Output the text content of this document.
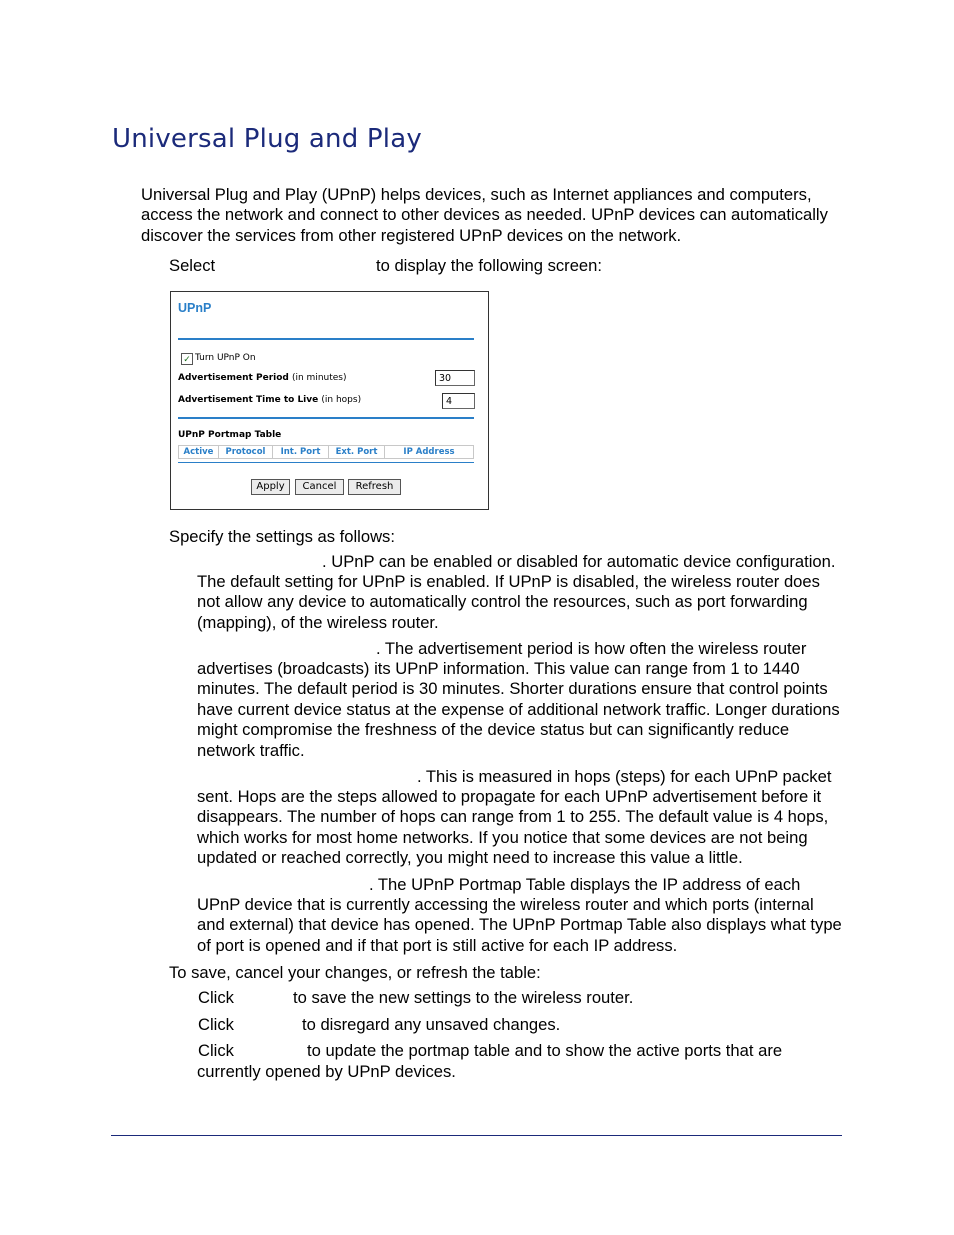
Universal Plug and Play
Universal Plug and Play (UPnP) helps devices, such as Internet appliances and computers, access the network and connect to other devices as needed. UPnP devices can automatically discover the services from other registered UPnP devices on the network.
Select	to display the following screen:
UPnP
✓ Turn UPnP On
Advertisement Period (in minutes)	30
Advertisement Time to Live (in hops)	4
UPnP Portmap Table
Active	Protocol	Int. Port	Ext. Port	IP Address
Apply	Cancel	Refresh
Specify the settings as follows:
. UPnP can be enabled or disabled for automatic device configuration.
The default setting for UPnP is enabled. If UPnP is disabled, the wireless router does not allow any device to automatically control the resources, such as port forwarding (mapping), of the wireless router.
. The advertisement period is how often the wireless router
advertises (broadcasts) its UPnP information. This value can range from 1 to 1440 minutes. The default period is 30 minutes. Shorter durations ensure that control points have current device status at the expense of additional network traffic. Longer durations might compromise the freshness of the device status but can significantly reduce network traffic.
. This is measured in hops (steps) for each UPnP packet
sent. Hops are the steps allowed to propagate for each UPnP advertisement before it disappears. The number of hops can range from 1 to 255. The default value is 4 hops, which works for most home networks. If you notice that some devices are not being updated or reached correctly, you might need to increase this value a little.
. The UPnP Portmap Table displays the IP address of each
UPnP device that is currently accessing the wireless router and which ports (internal and external) that device has opened. The UPnP Portmap Table also displays what type of port is opened and if that port is still active for each IP address.
To save, cancel your changes, or refresh the table:
Click	to save the new settings to the wireless router.
Click	to disregard any unsaved changes.
Click	to update the portmap table and to show the active ports that are
currently opened by UPnP devices.
